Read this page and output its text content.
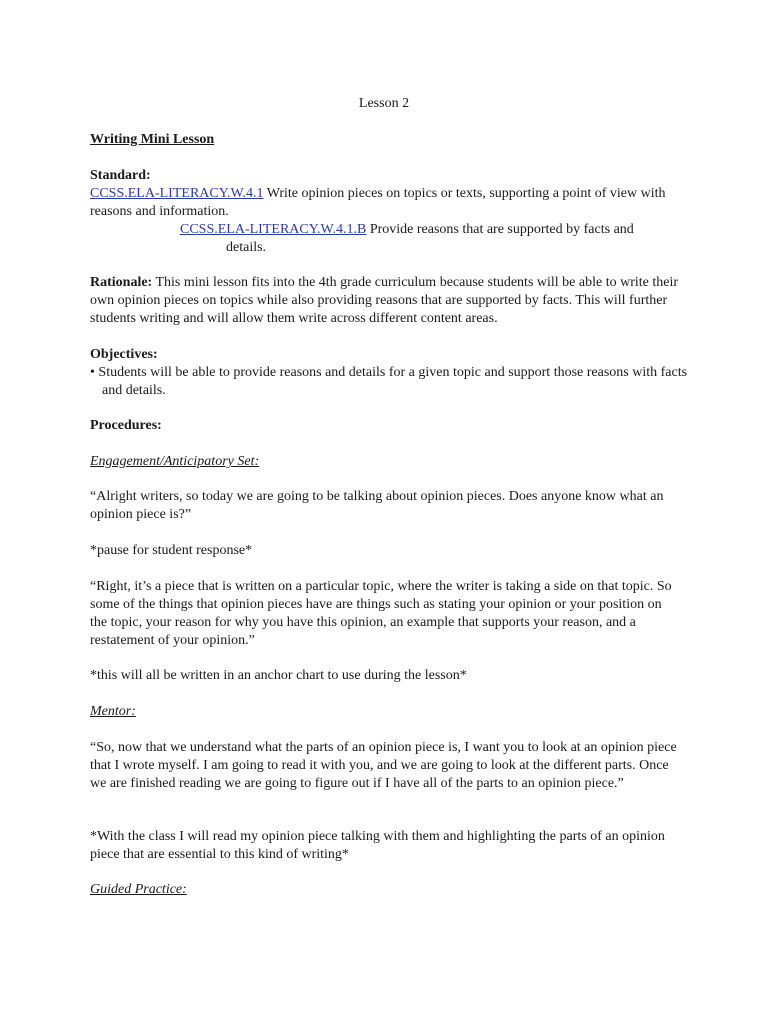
Lesson 2

Writing Mini Lesson

Standard:

CCSS.ELA-LITERACY.W.4.1 Write opinion pieces on topics or texts, supporting a point of view with reasons and information.

CCSS.ELA-LITERACY.W.4.1.B Provide reasons that are supported by facts and
details.

Rationale: This mini lesson fits into the 4th grade curriculum because students will be able to write their own opinion pieces on topics while also providing reasons that are supported by facts. This will further students writing and will allow them write across different content areas.

Objectives:

• Students will be able to provide reasons and details for a given topic and support those reasons with facts and details.

Procedures:

Engagement/Anticipatory Set:

“Alright writers, so today we are going to be talking about opinion pieces. Does anyone know what an opinion piece is?”

*pause for student response*

“Right, it’s a piece that is written on a particular topic, where the writer is taking a side on that topic. So some of the things that opinion pieces have are things such as stating your opinion or your position on the topic, your reason for why you have this opinion, an example that supports your reason, and a restatement of your opinion.”

*this will all be written in an anchor chart to use during the lesson*

Mentor:

“So, now that we understand what the parts of an opinion piece is, I want you to look at an opinion piece that I wrote myself. I am going to read it with you, and we are going to look at the different parts. Once we are finished reading we are going to figure out if I have all of the parts to an opinion piece.”

*With the class I will read my opinion piece talking with them and highlighting the parts of an opinion piece that are essential to this kind of writing*

Guided Practice:
